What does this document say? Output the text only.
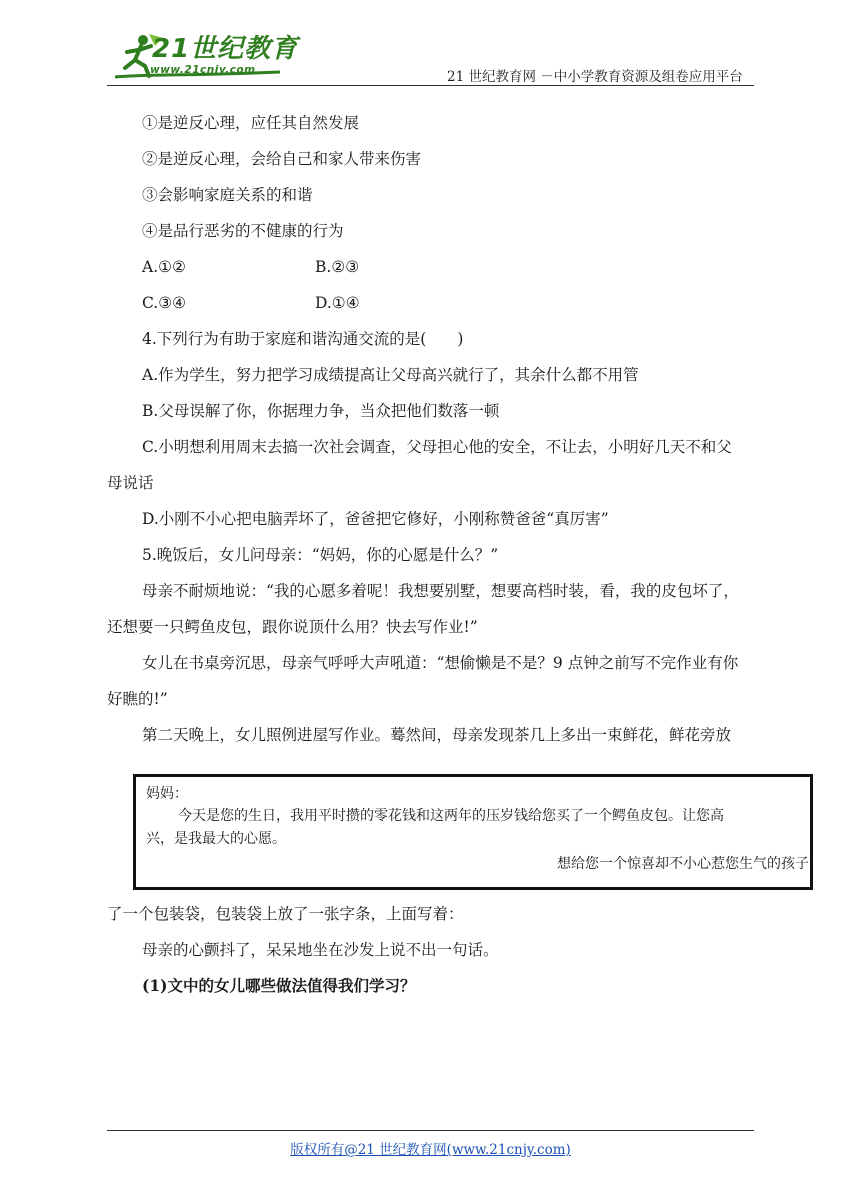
21世纪教育
www.21cnjy.com	21 世纪教育网 －中小学教育资源及组卷应用平台
①是逆反心理，应任其自然发展
②是逆反心理，会给自己和家人带来伤害
③会影响家庭关系的和谐
④是品行恶劣的不健康的行为
A.①②	B.②③
C.③④	D.①④
4.下列行为有助于家庭和谐沟通交流的是(　　)
A.作为学生，努力把学习成绩提高让父母高兴就行了，其余什么都不用管
B.父母误解了你，你据理力争，当众把他们数落一顿
C.小明想利用周末去搞一次社会调查，父母担心他的安全，不让去，小明好几天不和父
母说话
D.小刚不小心把电脑弄坏了，爸爸把它修好，小刚称赞爸爸“真厉害”
5.晚饭后，女儿问母亲：“妈妈，你的心愿是什么？”
母亲不耐烦地说：“我的心愿多着呢！我想要别墅，想要高档时装，看，我的皮包坏了，
还想要一只鳄鱼皮包，跟你说顶什么用？快去写作业!”
女儿在书桌旁沉思，母亲气呼呼大声吼道：“想偷懒是不是？9 点钟之前写不完作业有你
好瞧的!”
第二天晚上，女儿照例进屋写作业。蓦然间，母亲发现茶几上多出一束鲜花，鲜花旁放
妈妈：
今天是您的生日，我用平时攒的零花钱和这两年的压岁钱给您买了一个鳄鱼皮包。让您高
兴，是我最大的心愿。
想给您一个惊喜却不小心惹您生气的孩子
了一个包装袋，包装袋上放了一张字条，上面写着：
母亲的心颤抖了，呆呆地坐在沙发上说不出一句话。
(1)文中的女儿哪些做法值得我们学习？
版权所有@21 世纪教育网(www.21cnjy.com)
